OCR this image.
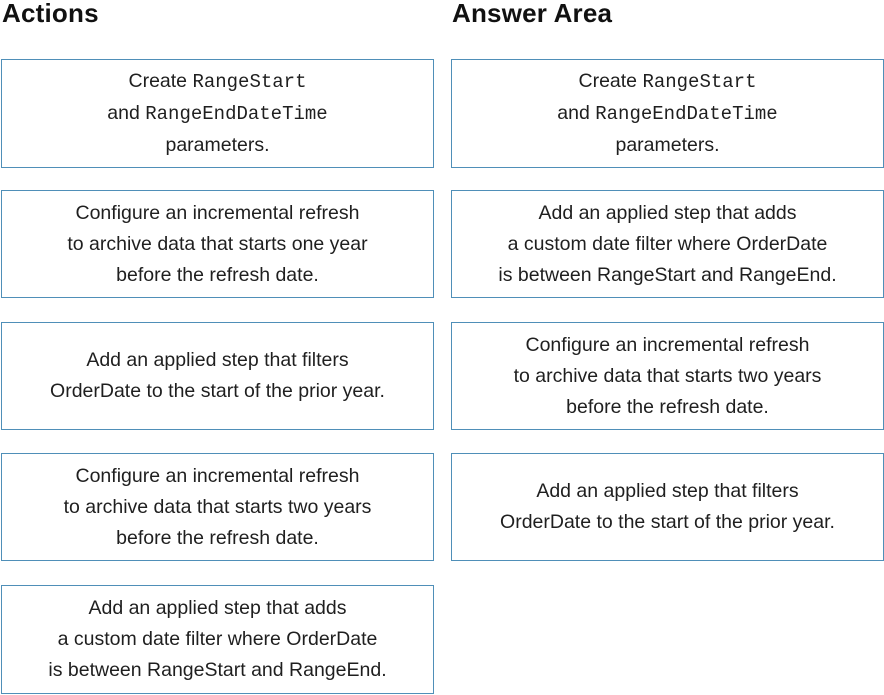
Actions	Answer Area
Create RangeStart
and RangeEndDateTime
parameters.
Configure an incremental refresh
to archive data that starts one year
before the refresh date.
Add an applied step that filters
OrderDate to the start of the prior year.
Configure an incremental refresh
to archive data that starts two years
before the refresh date.
Add an applied step that adds
a custom date filter where OrderDate
is between RangeStart and RangeEnd.
Create RangeStart
and RangeEndDateTime
parameters.
Add an applied step that adds
a custom date filter where OrderDate
is between RangeStart and RangeEnd.
Configure an incremental refresh
to archive data that starts two years
before the refresh date.
Add an applied step that filters
OrderDate to the start of the prior year.
